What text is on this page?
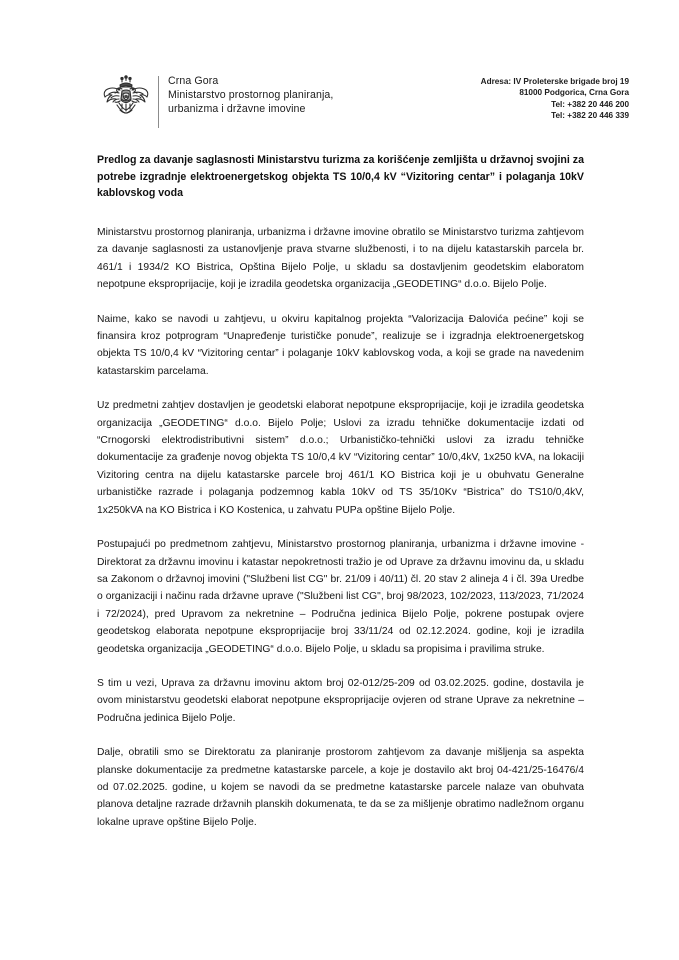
Crna Gora
Ministarstvo prostornog planiranja,
urbanizma i državne imovine
Adresa: IV Proleterske brigade broj 19
81000 Podgorica, Crna Gora
Tel: +382 20 446 200
Tel: +382 20 446 339
Predlog za davanje saglasnosti Ministarstvu turizma za korišćenje zemljišta u državnoj svojini za potrebe izgradnje elektroenergetskog objekta TS 10/0,4 kV “Vizitoring centar” i polaganja 10kV kablovskog voda

Ministarstvu prostornog planiranja, urbanizma i državne imovine obratilo se Ministarstvo turizma zahtjevom za davanje saglasnosti za ustanovljenje prava stvarne službenosti, i to na dijelu katastarskih parcela br. 461/1 i 1934/2 KO Bistrica, Opština Bijelo Polje, u skladu sa dostavljenim geodetskim elaboratom nepotpune eksproprijacije, koji je izradila geodetska organizacija „GEODETING“ d.o.o. Bijelo Polje.

Naime, kako se navodi u zahtjevu, u okviru kapitalnog projekta “Valorizacija Đalovića pećine” koji se finansira kroz potprogram “Unapređenje turističke ponude”, realizuje se i izgradnja elektroenergetskog objekta TS 10/0,4 kV “Vizitoring centar” i polaganje 10kV kablovskog voda, a koji se grade na navedenim katastarskim parcelama.

Uz predmetni zahtjev dostavljen je geodetski elaborat nepotpune eksproprijacije, koji je izradila geodetska organizacija „GEODETING“ d.o.o. Bijelo Polje; Uslovi za izradu tehničke dokumentacije izdati od “Crnogorski elektrodistributivni sistem” d.o.o.; Urbanističko-tehnički uslovi za izradu tehničke dokumentacije za građenje novog objekta TS 10/0,4 kV “Vizitoring centar” 10/0,4kV, 1x250 kVA, na lokaciji Vizitoring centra na dijelu katastarske parcele broj 461/1 KO Bistrica koji je u obuhvatu Generalne urbanističke razrade i polaganja podzemnog kabla 10kV od TS 35/10Kv “Bistrica” do TS10/0,4kV, 1x250kVA na KO Bistrica i KO Kostenica, u zahvatu PUPa opštine Bijelo Polje.

Postupajući po predmetnom zahtjevu, Ministarstvo prostornog planiranja, urbanizma i državne imovine - Direktorat za državnu imovinu i katastar nepokretnosti tražio je od Uprave za državnu imovinu da, u skladu sa Zakonom o državnoj imovini ("Službeni list CG" br. 21/09 i 40/11) čl. 20 stav 2 alineja 4 i čl. 39a Uredbe o organizaciji i načinu rada državne uprave ("Službeni list CG", broj 98/2023, 102/2023, 113/2023, 71/2024 i 72/2024), pred Upravom za nekretnine – Područna jedinica Bijelo Polje, pokrene postupak ovjere geodetskog elaborata nepotpune eksproprijacije broj 33/11/24 od 02.12.2024. godine, koji je izradila geodetska organizacija „GEODETING“ d.o.o. Bijelo Polje, u skladu sa propisima i pravilima struke.

S tim u vezi, Uprava za državnu imovinu aktom broj 02-012/25-209 od 03.02.2025. godine, dostavila je ovom ministarstvu geodetski elaborat nepotpune eksproprijacije ovjeren od strane Uprave za nekretnine – Područna jedinica Bijelo Polje.

Dalje, obratili smo se Direktoratu za planiranje prostorom zahtjevom za davanje mišljenja sa aspekta planske dokumentacije za predmetne katastarske parcele, a koje je dostavilo akt broj 04-421/25-16476/4 od 07.02.2025. godine, u kojem se navodi da se predmetne katastarske parcele nalaze van obuhvata planova detaljne razrade državnih planskih dokumenata, te da se za mišljenje obratimo nadležnom organu lokalne uprave opštine Bijelo Polje.
